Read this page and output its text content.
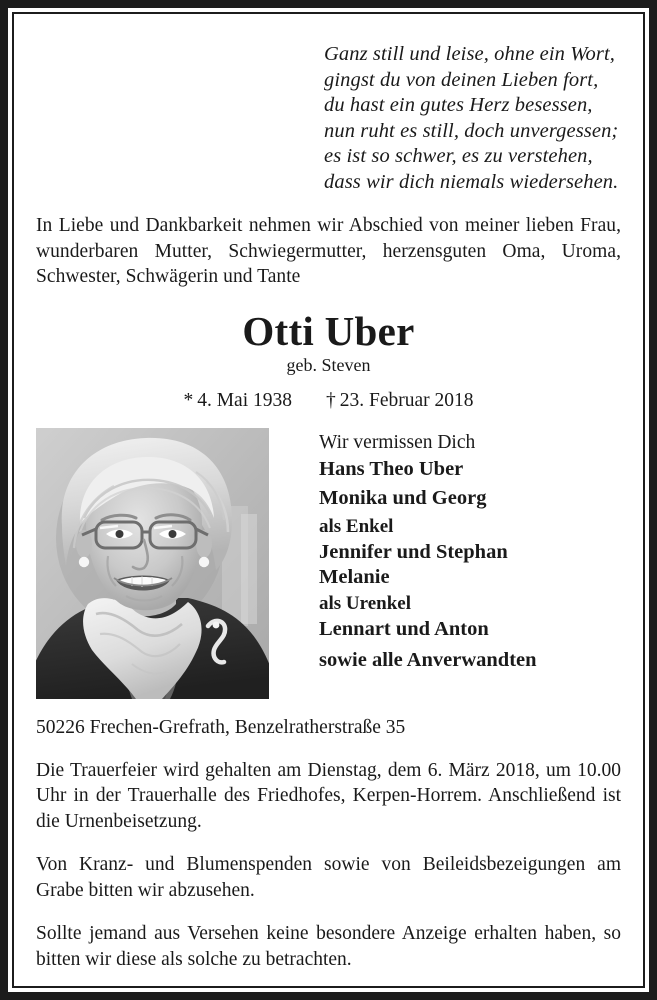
Ganz still und leise, ohne ein Wort,
gingst du von deinen Lieben fort,
du hast ein gutes Herz besessen,
nun ruht es still, doch unvergessen;
es ist so schwer, es zu verstehen,
dass wir dich niemals wiedersehen.

In Liebe und Dankbarkeit nehmen wir Abschied von meiner lieben Frau, wunderbaren Mutter, Schwiegermutter, herzensguten Oma, Uroma, Schwester, Schwägerin und Tante

Otti Uber
geb. Steven
* 4. Mai 1938 † 23. Februar 2018
Wir vermissen Dich
Hans Theo Uber
Monika und Georg
als Enkel
Jennifer und Stephan
Melanie
als Urenkel
Lennart und Anton
sowie alle Anverwandten
50226 Frechen-Grefrath, Benzelratherstraße 35

Die Trauerfeier wird gehalten am Dienstag, dem 6. März 2018, um 10.00 Uhr in der Trauerhalle des Friedhofes, Kerpen-Horrem. Anschließend ist die Urnenbeisetzung.

Von Kranz- und Blumenspenden sowie von Beileidsbezeigungen am Grabe bitten wir abzusehen.

Sollte jemand aus Versehen keine besondere Anzeige erhalten haben, so bitten wir diese als solche zu betrachten.
